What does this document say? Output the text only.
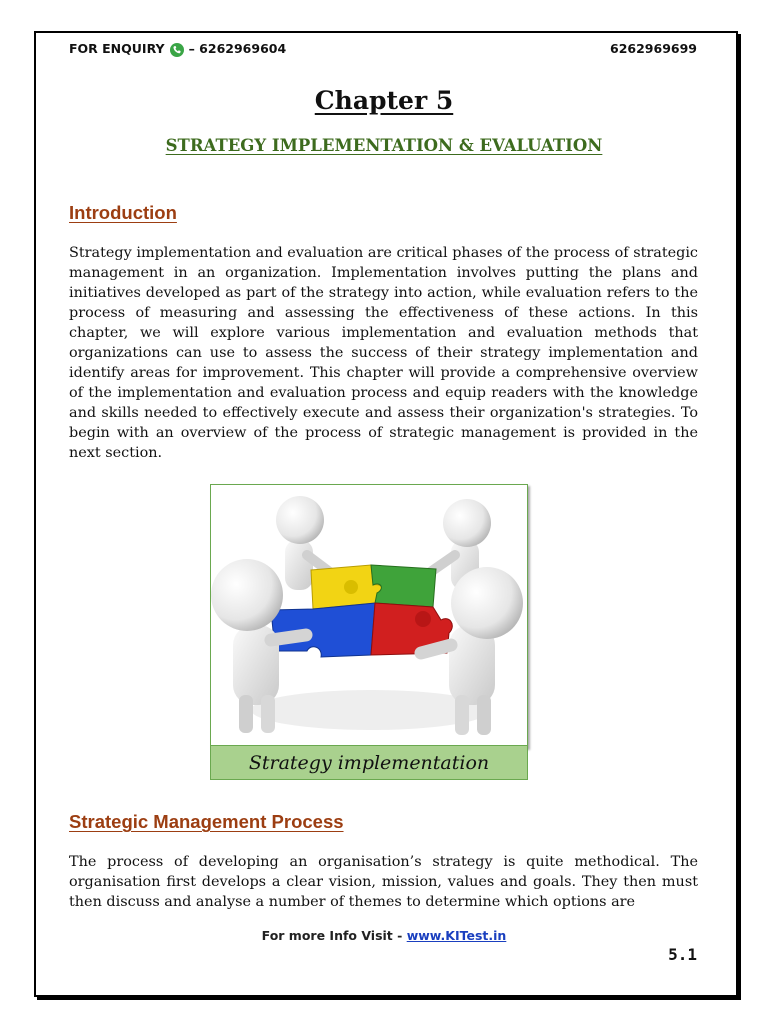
FOR ENQUIRY – 6262969604	6262969699
Chapter 5
STRATEGY IMPLEMENTATION & EVALUATION
Introduction

Strategy implementation and evaluation are critical phases of the process of strategic management in an organization. Implementation involves putting the plans and initiatives developed as part of the strategy into action, while evaluation refers to the process of measuring and assessing the effectiveness of these actions. In this chapter, we will explore various implementation and evaluation methods that organizations can use to assess the success of their strategy implementation and identify areas for improvement. This chapter will provide a comprehensive overview of the implementation and evaluation process and equip readers with the knowledge and skills needed to effectively execute and assess their organization's strategies. To begin with an overview of the process of strategic management is provided in the next section.

Strategy implementation
Strategic Management Process

The process of developing an organisation’s strategy is quite methodical. The organisation first develops a clear vision, mission, values and goals. They then must then discuss and analyse a number of themes to determine which options are

For more Info Visit - www.KITest.in
5.1
